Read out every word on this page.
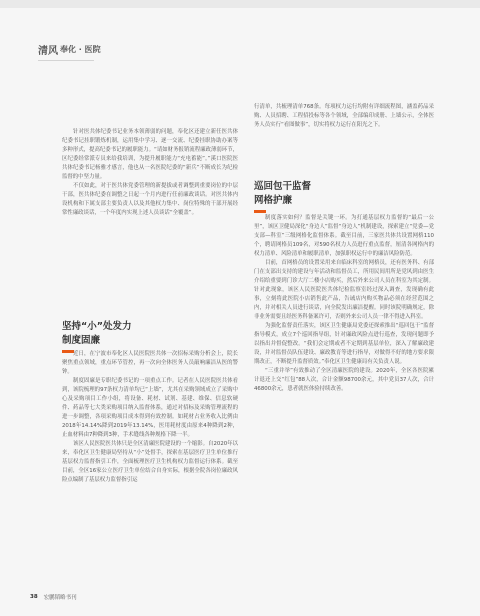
清风 奉化 · 医院

针对医共体纪委书记业务本领薄弱的问题，奉化区还建立新任医共体纪委书记挂职锻炼机制，运用集中学习、逐一交流、纪委挂职协助办案等多种形式，提高纪委书记的履职能力。“请如财务报销流程廉政薄弱环节，区纪委经常派专员来给我培训，为提升履职能力“充电蓄能”。”溪口医院医共体纪委书记杨雅才感言，他也从一名医院纪委的“新兵”不断成长为纪检监督的中坚力量。

不仅如此，对于医共体党委管理的新提拔或者调整到重要岗位的中层干部，医共体纪委在调整之日起一个月内进行任前廉政谈话。对医共体内设机构和下属支部主要负责人以及其他权力集中、岗位特殊的干部开展经常性廉政谈话，一个年度内实现上述人员谈话“全覆盖”。

坚持“小”处发力
制度固廉

近日，在宁波市奉化区人民医院医共体一次招标采购分析会上，院长聚焦重点领域，重点环节管控，再一次向全体医务人员敲响廉洁从医的警钟。

制度固廉是专职纪委书记的一项重点工作。记者在人民医院医共体看到，该院梳理的97条权力清单均已“上墙”，尤其在采购领域成立了采购中心及采购项目工作小组，将设备、耗材、试剂、基建、维保、信息软硬件、药品等七大类采购项目纳入监督体系，通过对招标及采购管理流程的进一步调整，各项采购项目成本得到有效控制。如耗材占业务收入比例由2018年14.14%降到2019年13.14%，医用耗材度由原来4种降到2种，止血材料由7种降到3种，手术缝线各种规格下降一半。

该区人民医院医共体只是全区清廉医院建设的一个缩影。自2020年以来，奉化区卫生健康局坚持从“小”处督手，探索在基层医疗卫生单位推行基层权力监督指引工作，全面梳理医疗卫生机构权力监督运行体系。截至目前，全区16家公立医疗卫生单位结合自身实际，根据全院各岗位廉政风险点编制了基层权力监督指引运

行清单，共梳理清单768条。每项权力运行均附有详细流程图，涵盖药品采购、人员招聘、工程招投标等各个领域，全部编印成册、上墙公示，全体医务人员实行“看图做事”，切实将权力运行在阳光之下。

巡回包干监督
网格护廉

制度落实如何？监督是关键一环。为打通基层权力监督的“最后一公里”，该区卫健局深化“身边人”监督“身边人”机制建设，探索建立“党委—党支部—科室”三级网格化监督体系。截至目前，三家医共体共设置网格110个，聘请网格员109名，对590名权力人员进行重点监督，厘清各网格内的权力清单、风险清单和履职清单，加强职权运行中的廉洁风险防范。

目前，首网格员的设置采用来自临床科室的网格员，还有医务科、有部门在支部出支持的建设与年活动和监督员工，所用民间用所是党风到由医生介绍给重要到门诊大厅二楼小店购买，然后外来公司人员在科室为其定制。针对此现象，该区人民医院医共体纪检监察室经过深入调查，发现确有此事，立刻将此医院小店销售此产品，告诫店内购买物品必须在经营范围之内，并对相关人员进行谈话，向全院发出廉洁提醒。同时该院明确规定，除非业务需要且经医务科备案许可，否则外来公司人员一律不得进入科室。

为强化监督责任落实，该区卫生健康局党委还探索推出“巡回包干”监督指导模式，成立7个巡回指导组，针对廉政风险点进行巡查，发现问题即予以指出并督促整改。“我们会定期或者不定期到基层单位，深入了解廉政建设，并对监督员队伍建设、廉政教育等进行指导，对做得不好的地方要求限期改正，不断提升监督质效。”奉化区卫生健康局有关负责人说。

“三重并举”有效推动了全区清廉医院的建设。2020年，全区各医院累计退还上交“红包”88人次，合计金额98700余元，其中党员37人次，合计46800余元，患者就医体验持续改善。

38 宏鹏韬略书刊
